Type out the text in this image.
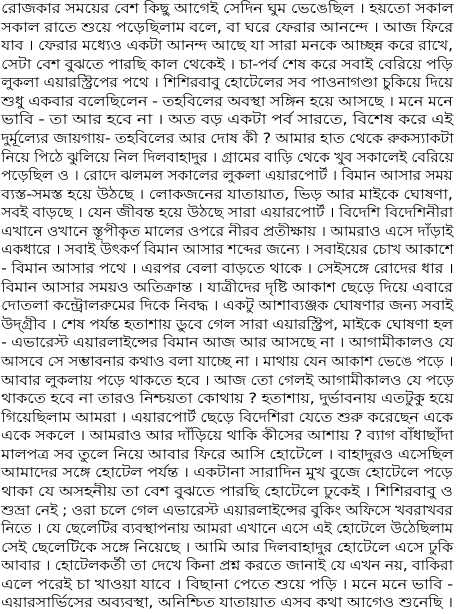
রোজকার সময়ের বেশ কিছু আগেই সেদিন ঘুম ভেঙেছিল । হয়তো সকাল
সকাল রাতে শুয়ে পড়েছিলাম বলে, বা ঘরে ফেরার আনন্দে । আজ ফিরে
যাব । ফেরার মধ্যেও একটা আনন্দ আছে যা সারা মনকে আচ্ছন্ন করে রাখে,
সেটা বেশ বুঝতে পারছি কাল থেকেই । চা-পর্ব শেষ করে সবাই বেরিয়ে পড়ি
লুকলা এয়ারস্ট্রিপের পথে । শিশিরবাবু হোটেলের সব পাওনাগণ্ডা চুকিয়ে দিয়ে
শুধু একবার বলেছিলেন - তহবিলের অবস্থা সঙ্গিন হয়ে আসছে । মনে মনে
ভাবি - তা আর হবে না । অত বড় একটা পর্ব সারতে, বিশেষ করে এই
দুর্মূল্যের জায়গায়- তহবিলের আর দোষ কী ? আমার হাত থেকে রুকস্যাকটা
নিয়ে পিঠে ঝুলিয়ে নিল দিলবাহাদুর । গ্রামের বাড়ি থেকে খুব সকালেই বেরিয়ে
পড়েছিল ও । রোদে ঝলমল সকালের লুকলা এয়ারপোর্ট । বিমান আসার সময়
ব্যস্ত-সমস্ত হয়ে উঠছে । লোকজনের যাতায়াত, ভিড় আর মাইকে ঘোষণা,
সবই বাড়ছে । যেন জীবন্ত হয়ে উঠছে সারা এয়ারপোর্ট । বিদেশি বিদেশিনীরা
এখানে ওখানে স্তূপীকৃত মালের ওপরে নীরব প্রতীক্ষায় । আমরাও এসে দাঁড়াই
একধারে । সবাই উৎকর্ণ বিমান আসার শব্দের জন্যে । সবাইয়ের চোখ আকাশে
- বিমান আসার পথে । এরপর বেলা বাড়তে থাকে । সেইসঙ্গে রোদের ধার ।
বিমান আসার সময়ও অতিক্রান্ত । যাত্রীদের দৃষ্টি আকাশ ছেড়ে দিয়ে এবারে
দোতলা কন্ট্রোলরুমের দিকে নিবদ্ধ । একটু আশাব্যঞ্জক ঘোষণার জন্য সবাই
উদ্‌গ্রীব । শেষ পর্যন্ত হতাশায় ডুবে গেল সারা এয়ারস্ট্রিপ, মাইকে ঘোষণা হল
- এভারেস্ট এয়ারলাইন্সের বিমান আজ আর আসছে না । আগামীকালও যে
আসবে সে সম্ভাবনার কথাও বলা যাচ্ছে না । মাথায় যেন আকাশ ভেঙে পড়ে ।
আবার লুকলায় পড়ে থাকতে হবে । আজ তো গেলই আগামীকালও যে পড়ে
থাকতে হবে না তারও নিশ্চয়তা কোথায় ? হতাশায়, দুর্ভাবনায় এতটুকু হয়ে
গিয়েছিলাম আমরা । এয়ারপোর্ট ছেড়ে বিদেশিরা যেতে শুরু করেছেন একে
একে সকলে । আমরাও আর দাঁড়িয়ে থাকি কীসের আশায় ? ব্যাগ বাঁধাছাঁদা
মালপত্র সব তুলে নিয়ে আবার ফিরে আসি হোটেলে । বাহাদুরও এসেছিল
আমাদের সঙ্গে হোটেল পর্যন্ত । একটানা সারাদিন মুখ বুজে হোটেলে পড়ে
থাকা যে অসহনীয় তা বেশ বুঝতে পারছি হোটেলে ঢুকেই । শিশিরবাবু ও
শুভ্রা নেই ; ওরা চলে গেল এভারেস্ট এয়ারলাইন্সের বুকিং অফিসে খবরাখবর
নিতে । যে ছেলেটির ব্যবস্থাপনায় আমরা এখানে এসে এই হোটেলে উঠেছিলাম
সেই ছেলেটিকে সঙ্গে নিয়েছে । আমি আর দিলবাহাদুর হোটেলে এসে ঢুকি
আবার । হোটেলকর্তী তা দেখে কিনা প্রশ্ন করতে জানাই যে এখন নয়, বাকিরা
এলে পরেই চা খাওয়া যাবে । বিছানা পেতে শুয়ে পড়ি । মনে মনে ভাবি -
এয়ারসার্ভিসের অব্যবস্থা, অনিশ্চিত যাতায়াত এসব কথা আগেও শুনেছি ।
